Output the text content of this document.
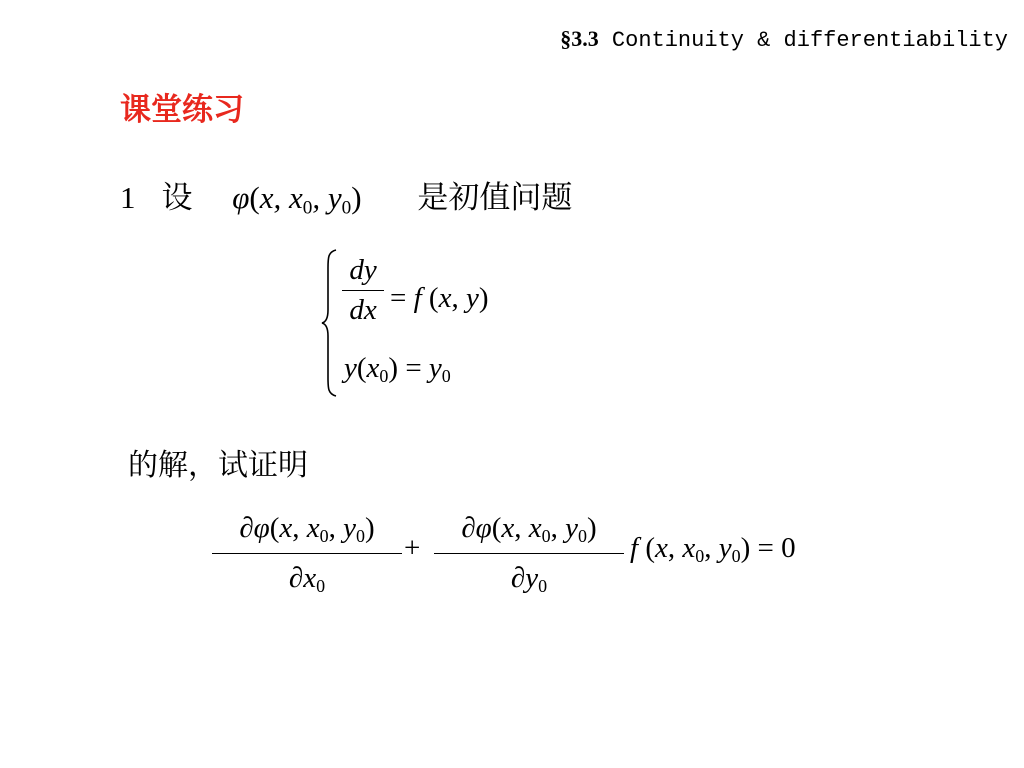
§3.3 Continuity & differentiability
课堂练习
1 设 φ(x, $x_0$, $y_0$) 是初值问题
dy
dx = f (x, y)
$y(x_0) = y_0$
的解，试证明
∂φ(x, $x_0$, $y_0$)
$\partial x_0$
+
∂φ(x, $x_0$, $y_0$)
$\partial y_0$
f (x, $x_0$, $y_0) = 0$
